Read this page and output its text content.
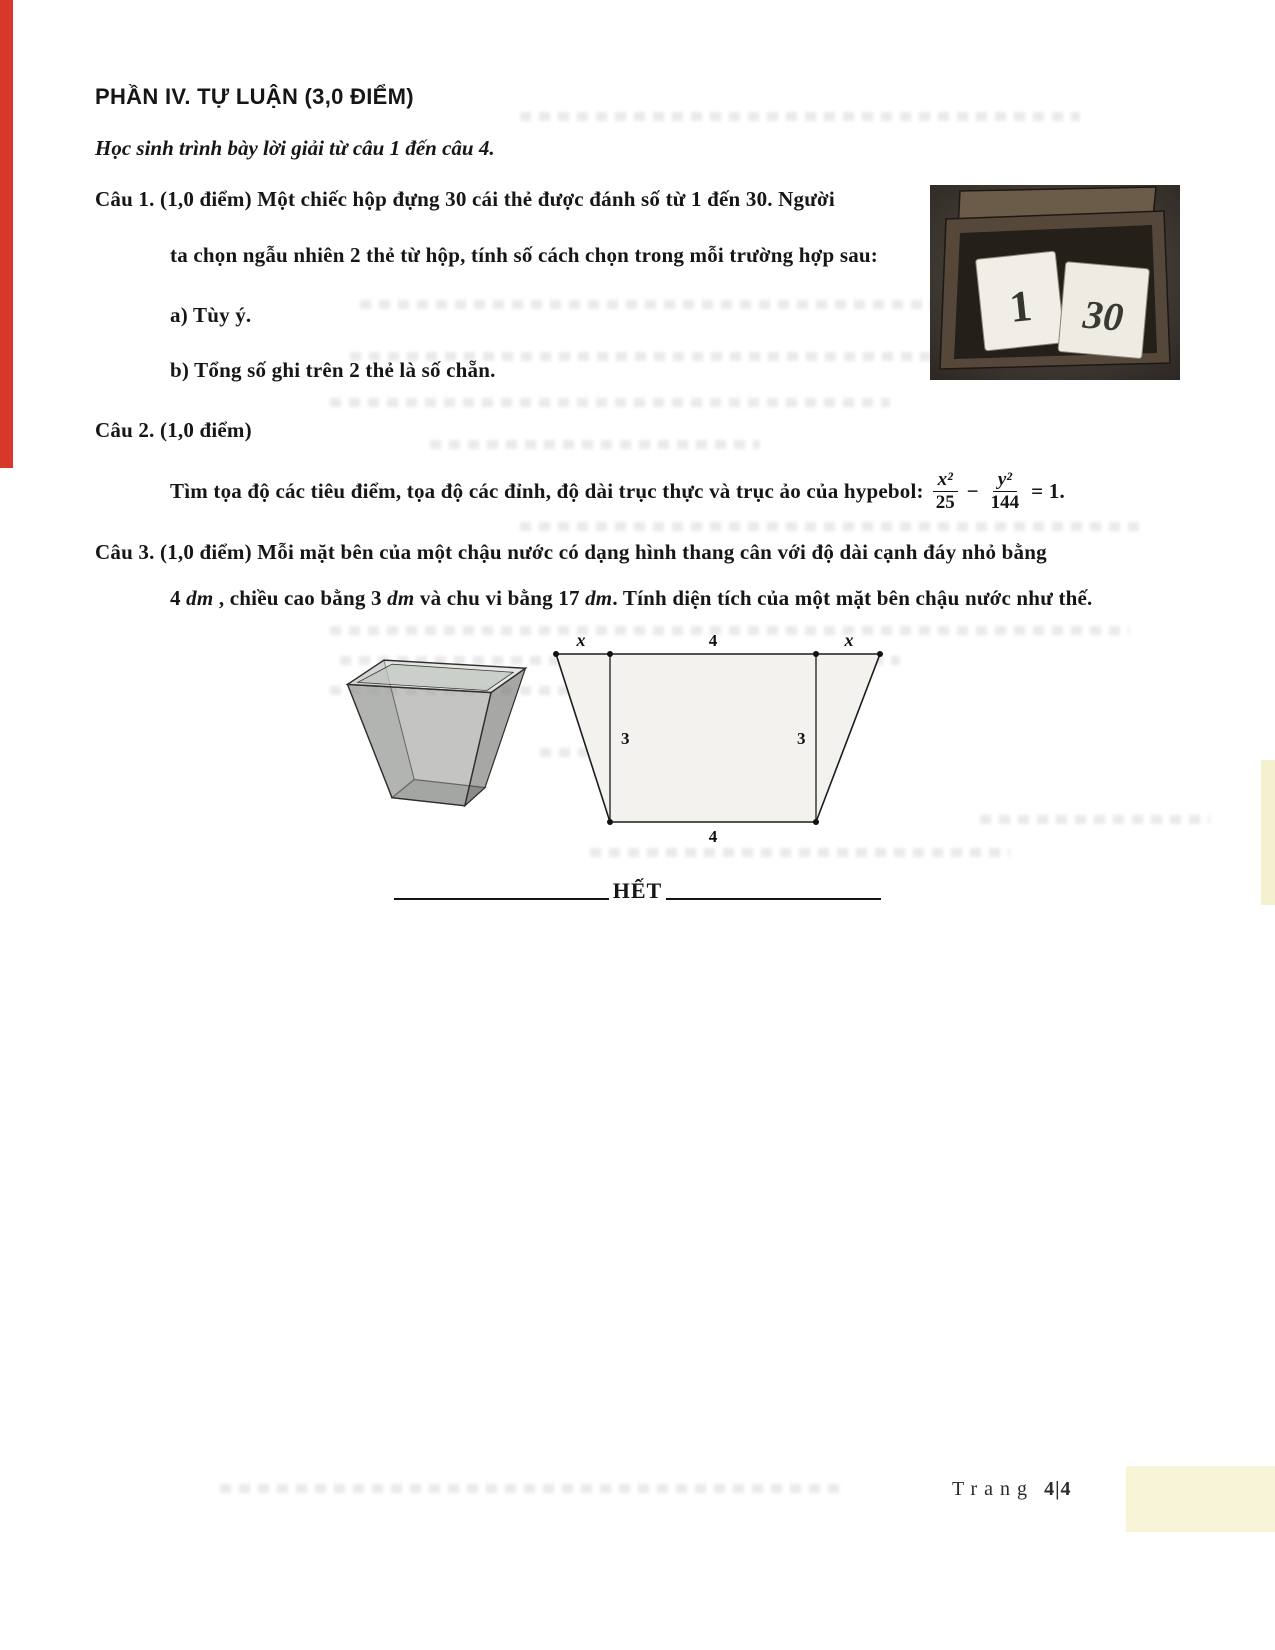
PHẦN IV. TỰ LUẬN (3,0 ĐIỂM)
Học sinh trình bày lời giải từ câu 1 đến câu 4.
Câu 1. (1,0 điểm) Một chiếc hộp đựng 30 cái thẻ được đánh số từ 1 đến 30. Người
ta chọn ngẫu nhiên 2 thẻ từ hộp, tính số cách chọn trong mỗi trường hợp sau:
a) Tùy ý.
b) Tổng số ghi trên 2 thẻ là số chẵn.
1 30
Câu 2. (1,0 điểm)
Tìm tọa độ các tiêu điểm, tọa độ các đỉnh, độ dài trục thực và trục ảo của hypebol: $\frac{\text{x²}}{25} - \frac{\text{y²}}{144} = 1$.
Câu 3. (1,0 điểm) Mỗi mặt bên của một chậu nước có dạng hình thang cân với độ dài cạnh đáy nhỏ bằng
4 dm , chiều cao bằng 3 dm và chu vi bằng 17 dm. Tính diện tích của một mặt bên chậu nước như thế.
x	4	x
3	3
4
HẾT
Trang 4|4
